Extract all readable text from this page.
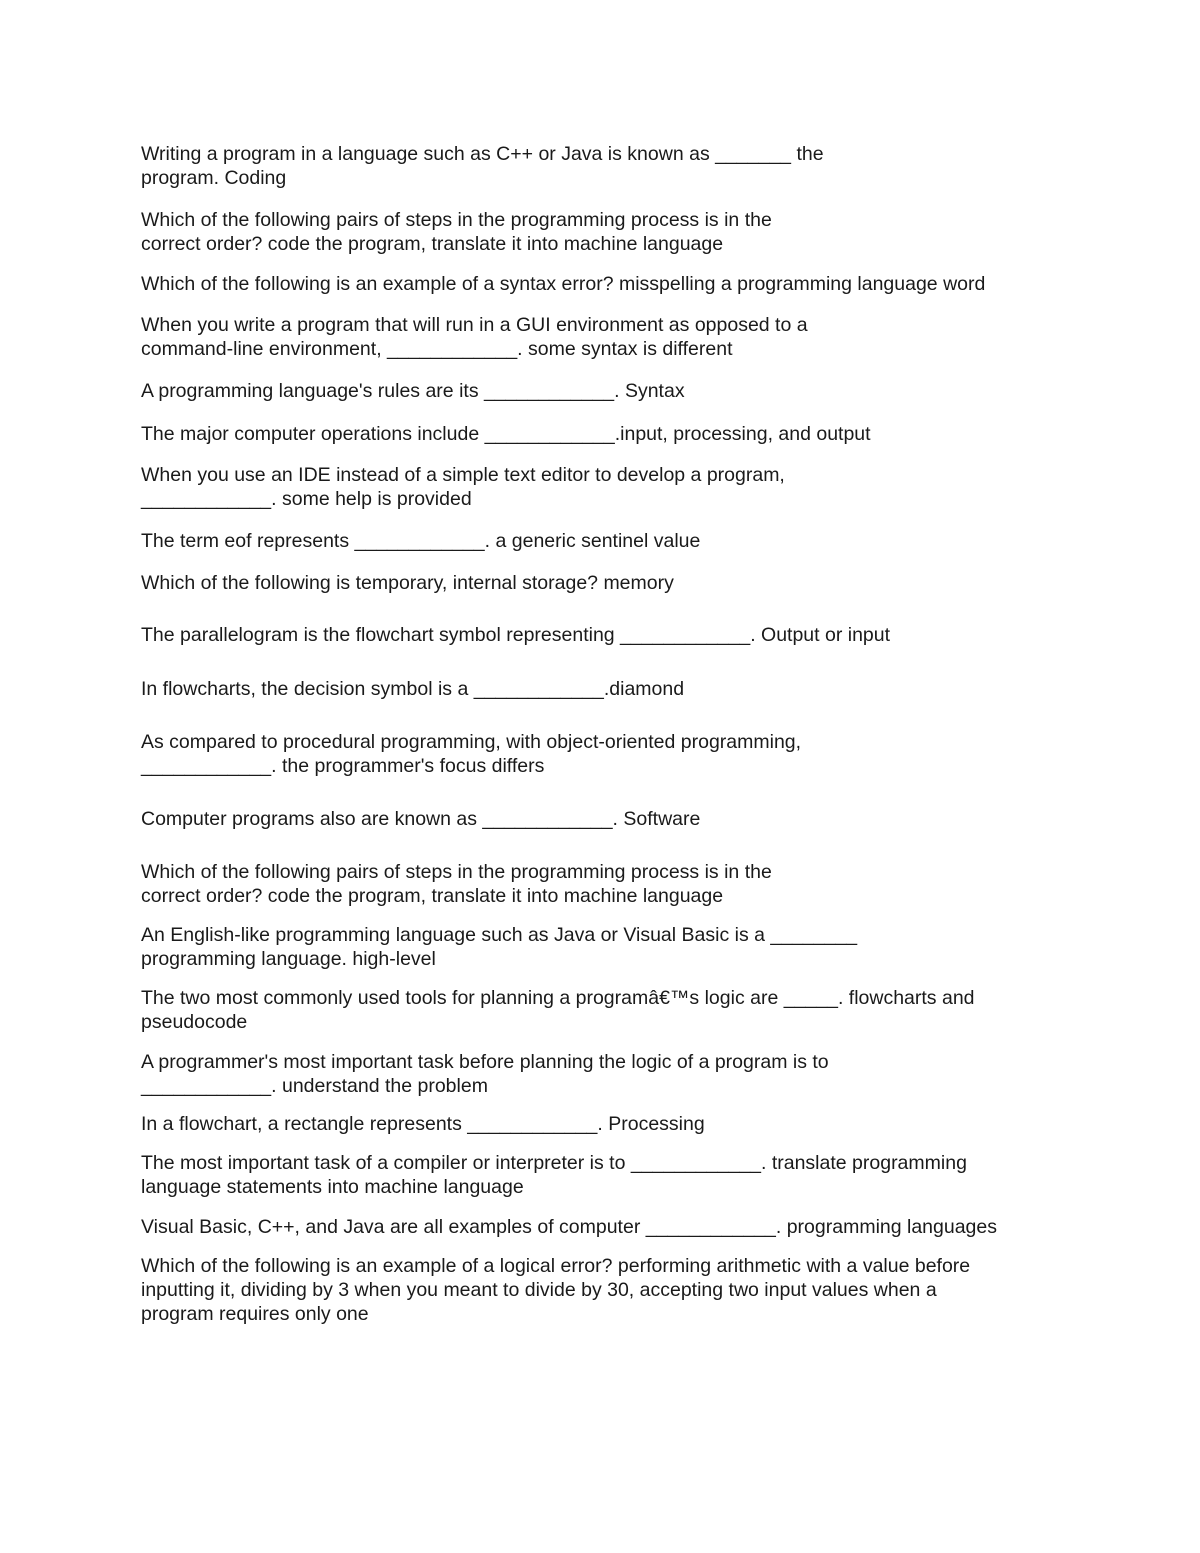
Writing a program in a language such as C++ or Java is known as _______ the
program. Coding

Which of the following pairs of steps in the programming process is in the
correct order? code the program, translate it into machine language

Which of the following is an example of a syntax error? misspelling a programming language word

When you write a program that will run in a GUI environment as opposed to a
command-line environment, ____________. some syntax is different

A programming language's rules are its ____________. Syntax

The major computer operations include ____________.input, processing, and output

When you use an IDE instead of a simple text editor to develop a program,
____________. some help is provided

The term eof represents ____________. a generic sentinel value

Which of the following is temporary, internal storage? memory

The parallelogram is the flowchart symbol representing ____________. Output or input

In flowcharts, the decision symbol is a ____________.diamond

As compared to procedural programming, with object-oriented programming,
____________. the programmer's focus differs

Computer programs also are known as ____________. Software

Which of the following pairs of steps in the programming process is in the
correct order? code the program, translate it into machine language

An English-like programming language such as Java or Visual Basic is a ________
programming language. high-level

The two most commonly used tools for planning a programâ€™s logic are _____. flowcharts and
pseudocode

A programmer's most important task before planning the logic of a program is to
____________. understand the problem

In a flowchart, a rectangle represents ____________. Processing

The most important task of a compiler or interpreter is to ____________. translate programming
language statements into machine language

Visual Basic, C++, and Java are all examples of computer ____________. programming languages

Which of the following is an example of a logical error? performing arithmetic with a value before
inputting it, dividing by 3 when you meant to divide by 30, accepting two input values when a
program requires only one
